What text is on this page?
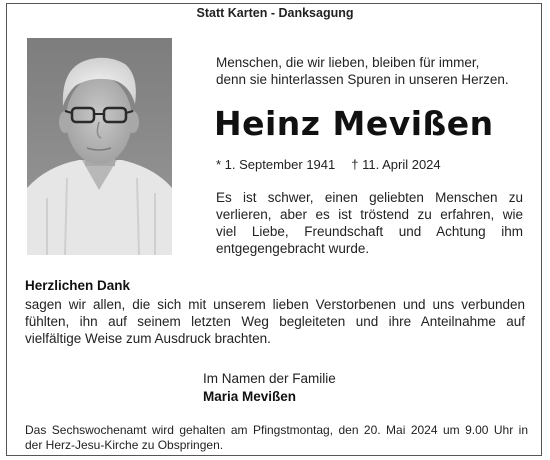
Statt Karten - Danksagung
Menschen, die wir lieben, bleiben für immer,
denn sie hinterlassen Spuren in unseren Herzen.
Heinz Mevißen
* 1. September 1941 † 11. April 2024
Es ist schwer, einen geliebten Menschen zu
verlieren, aber es ist tröstend zu erfahren, wie
viel Liebe, Freundschaft und Achtung ihm
entgegengebracht wurde.
Herzlichen Dank
sagen wir allen, die sich mit unserem lieben Verstorbenen und uns verbunden
fühlten, ihn auf seinem letzten Weg begleiteten und ihre Anteilnahme auf
vielfältige Weise zum Ausdruck brachten.
Im Namen der Familie
Maria Mevißen
Das Sechswochenamt wird gehalten am Pfingstmontag, den 20. Mai 2024 um 9.00 Uhr in
der Herz-Jesu-Kirche zu Obspringen.
